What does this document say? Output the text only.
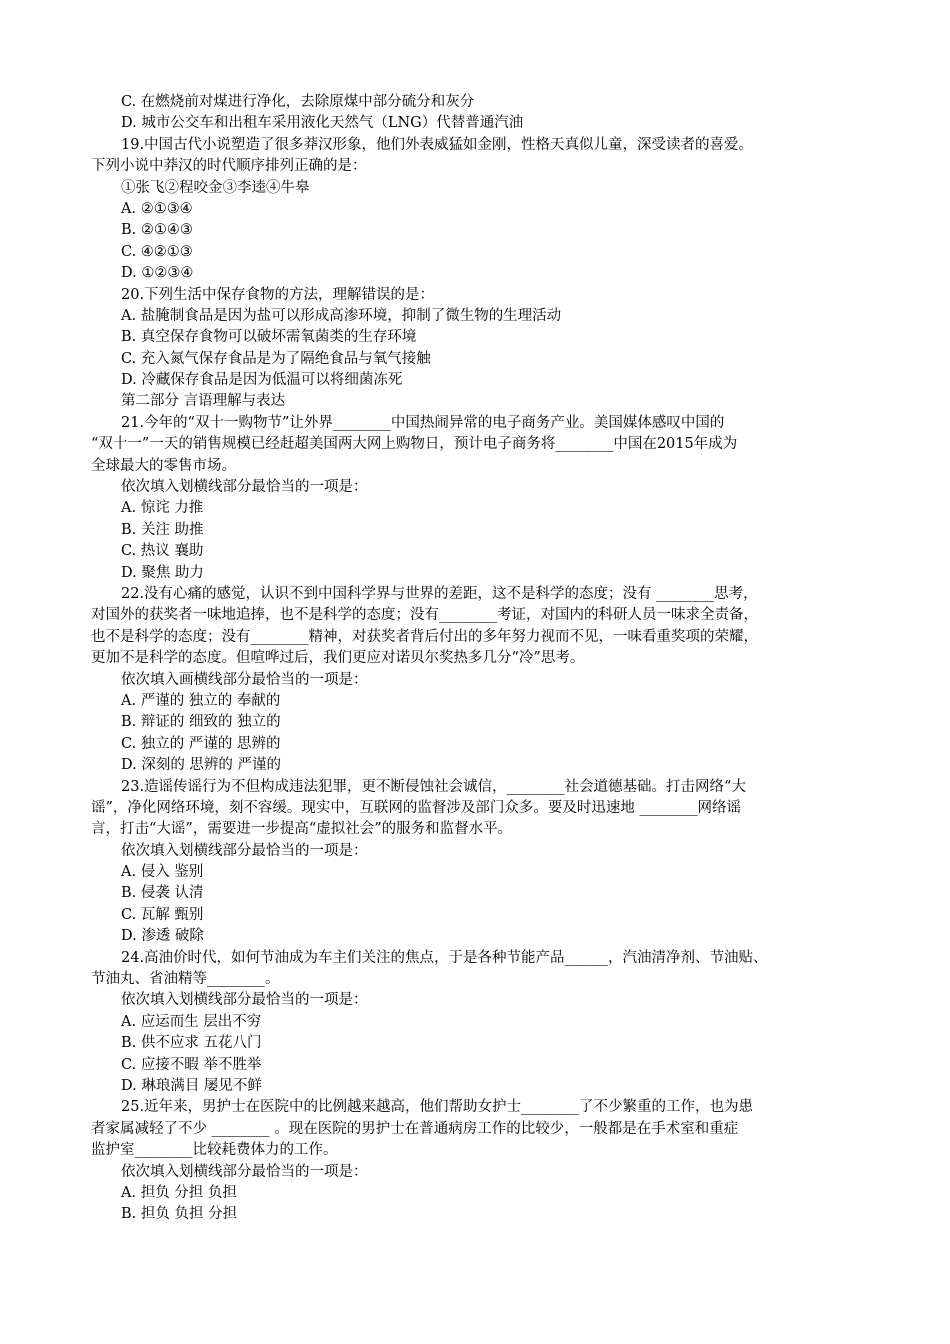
C. 在燃烧前对煤进行净化，去除原煤中部分硫分和灰分
D. 城市公交车和出租车采用液化天然气（LNG）代替普通汽油
19.中国古代小说塑造了很多莽汉形象，他们外表威猛如金刚，性格天真似儿童，深受读者的喜爱。
下列小说中莽汉的时代顺序排列正确的是：
①张飞②程咬金③李逵④牛皋
A. ②①③④
B. ②①④③
C. ④②①③
D. ①②③④
20.下列生活中保存食物的方法，理解错误的是：
A. 盐腌制食品是因为盐可以形成高渗环境，抑制了微生物的生理活动
B. 真空保存食物可以破坏需氧菌类的生存环境
C. 充入氮气保存食品是为了隔绝食品与氧气接触
D. 冷藏保存食品是因为低温可以将细菌冻死
第二部分 言语理解与表达
21.今年的“双十一购物节”让外界________中国热闹异常的电子商务产业。美国媒体感叹中国的
“双十一”一天的销售规模已经赶超美国两大网上购物日，预计电子商务将________中国在2015年成为
全球最大的零售市场。
依次填入划横线部分最恰当的一项是：
A. 惊诧 力推
B. 关注 助推
C. 热议 襄助
D. 聚焦 助力
22.没有心痛的感觉，认识不到中国科学界与世界的差距，这不是科学的态度；没有 ________思考，
对国外的获奖者一味地追捧，也不是科学的态度；没有________考证，对国内的科研人员一味求全责备，
也不是科学的态度；没有________精神，对获奖者背后付出的多年努力视而不见，一味看重奖项的荣耀，
更加不是科学的态度。但喧哗过后，我们更应对诺贝尔奖热多几分“冷”思考。
依次填入画横线部分最恰当的一项是：
A. 严谨的 独立的 奉献的
B. 辩证的 细致的 独立的
C. 独立的 严谨的 思辨的
D. 深刻的 思辨的 严谨的
23.造谣传谣行为不但构成违法犯罪，更不断侵蚀社会诚信，________社会道德基础。打击网络“大
谣”，净化网络环境，刻不容缓。现实中，互联网的监督涉及部门众多。要及时迅速地 ________网络谣
言，打击“大谣”，需要进一步提高“虚拟社会”的服务和监督水平。
依次填入划横线部分最恰当的一项是：
A. 侵入 鉴别
B. 侵袭 认清
C. 瓦解 甄别
D. 渗透 破除
24.高油价时代，如何节油成为车主们关注的焦点，于是各种节能产品______，汽油清净剂、节油贴、
节油丸、省油精等________。
依次填入划横线部分最恰当的一项是：
A. 应运而生 层出不穷
B. 供不应求 五花八门
C. 应接不暇 举不胜举
D. 琳琅满目 屡见不鲜
25.近年来，男护士在医院中的比例越来越高，他们帮助女护士________了不少繁重的工作，也为患
者家属减轻了不少 ________ 。现在医院的男护士在普通病房工作的比较少，一般都是在手术室和重症
监护室________比较耗费体力的工作。
依次填入划横线部分最恰当的一项是：
A. 担负 分担 负担
B. 担负 负担 分担
